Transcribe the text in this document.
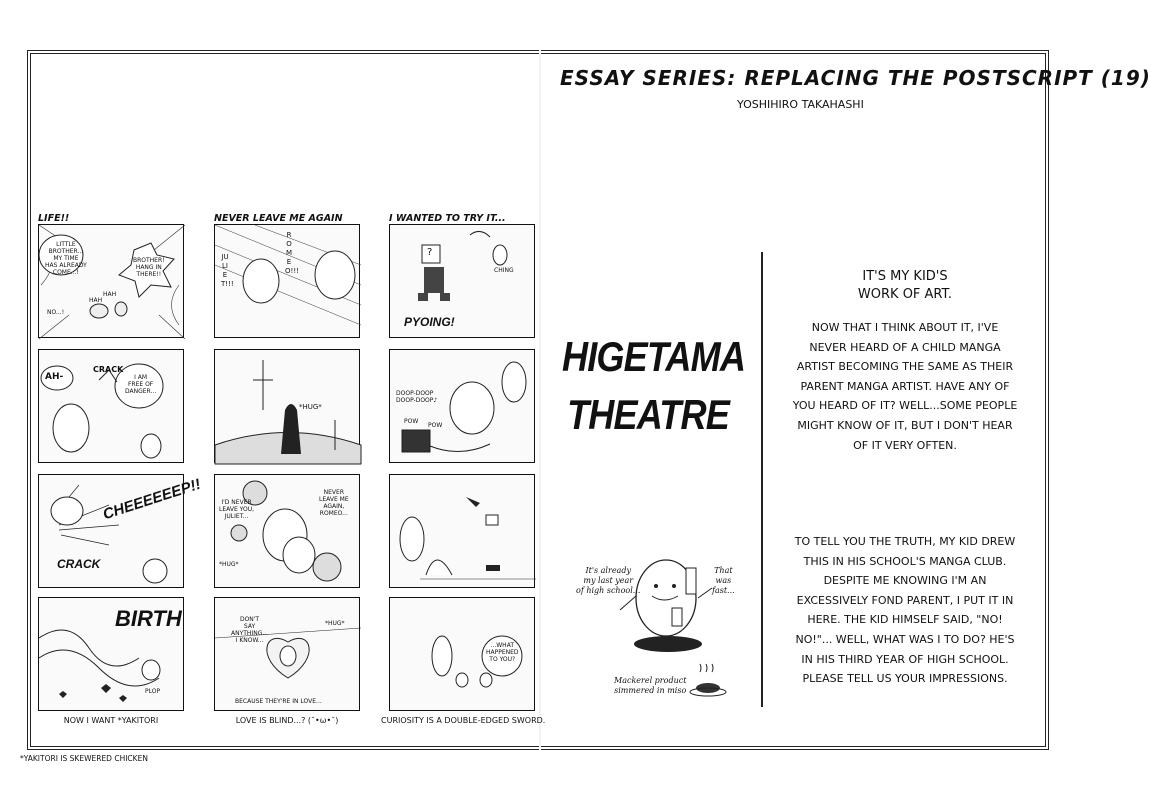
ESSAY SERIES: REPLACING THE POSTSCRIPT (19)
YOSHIHIRO TAKAHASHI
LIFE!!	NEVER LEAVE ME AGAIN	I WANTED TO TRY IT...
LITTLE
BROTHER...
MY TIME
HAS ALREADY
COME...!
BROTHER!
HANG IN
THERE!!
NO...!
HAH
HAH
AH-
CRACK
I AM
FREE OF
DANGER...
CHEEEEEEP!!
CRACK
BIRTH
PLOP
JULIET!!!
ROMEO!!!
*HUG*
I'D NEVER
LEAVE YOU,
JULIET...
NEVER
LEAVE ME
AGAIN,
ROMEO...
*HUG*
DON'T
SAY
ANYTHING...
I KNOW...
*HUG*
BECAUSE THEY'RE IN LOVE...
?
CHING
PYOING!
DOOP-DOOP
DOOP-DOOP♪
POW
POW
...WHAT
HAPPENED
TO YOU?
NOW I WANT *YAKITORI	LOVE IS BLIND...? (˘•ω•˘)	CURIOSITY IS A DOUBLE-EDGED SWORD.
*YAKITORI IS SKEWERED CHICKEN
HIGETAMA
THEATRE
It's already
my last year
of high school...
That
was
fast...
Mackerel product
simmered in miso
IT'S MY KID'S
WORK OF ART.
NOW THAT I THINK ABOUT IT, I'VE
NEVER HEARD OF A CHILD MANGA
ARTIST BECOMING THE SAME AS THEIR
PARENT MANGA ARTIST. HAVE ANY OF
YOU HEARD OF IT? WELL...SOME PEOPLE
MIGHT KNOW OF IT, BUT I DON'T HEAR
OF IT VERY OFTEN.
TO TELL YOU THE TRUTH, MY KID DREW
THIS IN HIS SCHOOL'S MANGA CLUB.
DESPITE ME KNOWING I'M AN
EXCESSIVELY FOND PARENT, I PUT IT IN
HERE. THE KID HIMSELF SAID, "NO!
NO!"... WELL, WHAT WAS I TO DO? HE'S
IN HIS THIRD YEAR OF HIGH SCHOOL.
PLEASE TELL US YOUR IMPRESSIONS.
